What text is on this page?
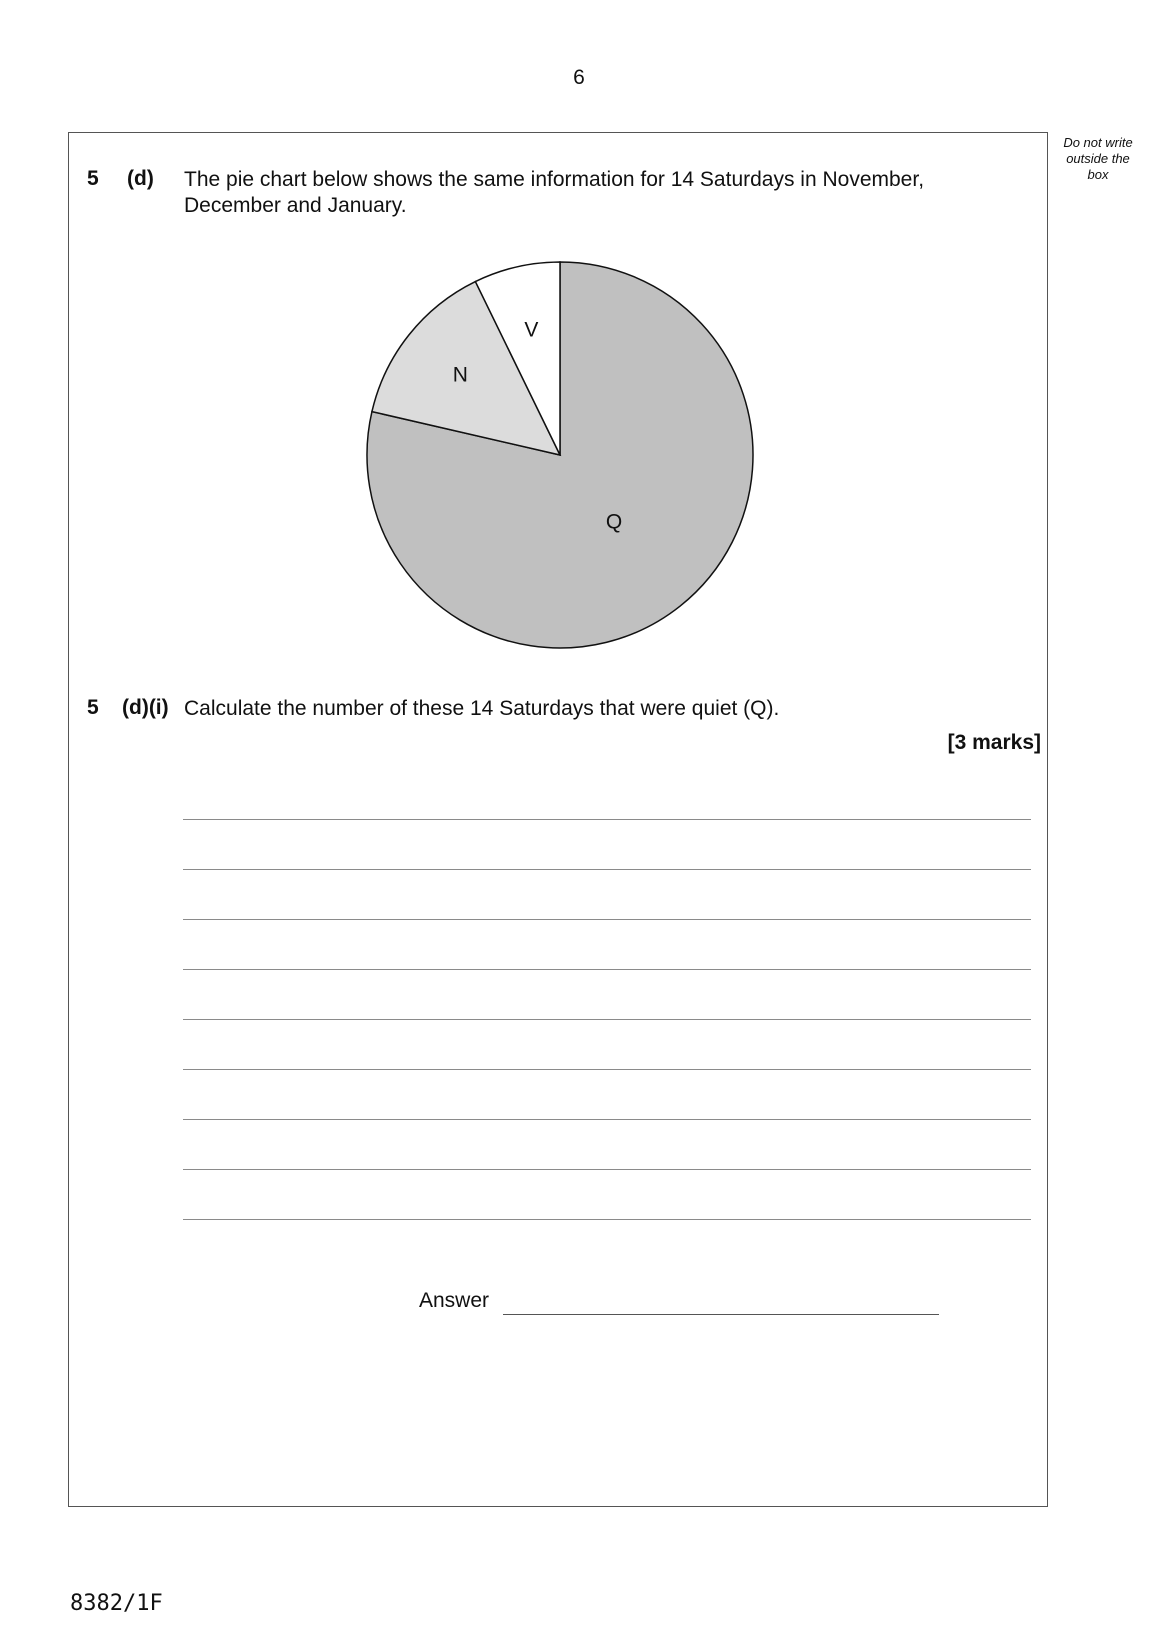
6
Do not write outside the box
5 (d) The pie chart below shows the same information for 14 Saturdays in November, December and January.
Q
N
V
5 (d)(i) Calculate the number of these 14 Saturdays that were quiet (Q).
[3 marks]
Answer
8382/1F
